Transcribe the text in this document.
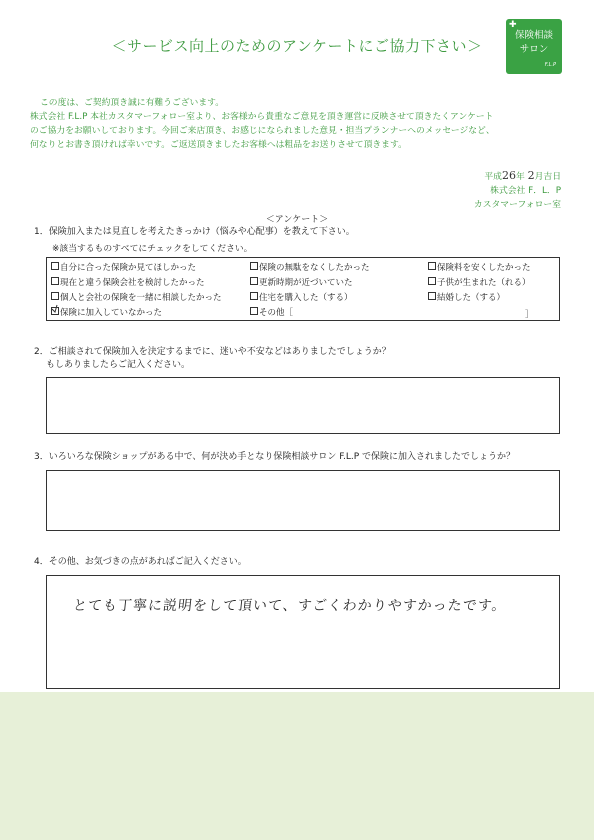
＜サービス向上のためのアンケートにご協力下さい＞
✚
保険相談
サロン
F.L.P
この度は、ご契約頂き誠に有難うございます。
株式会社 F.L.P 本社カスタマーフォロー室より、お客様から貴重なご意見を頂き運営に反映させて頂きたくアンケート
のご協力をお願いしております。今回ご来店頂き、お感じになられました意見・担当プランナーへのメッセージなど、
何なりとお書き頂ければ幸いです。ご返送頂きましたお客様へは粗品をお送りさせて頂きます。
平成26年 2月吉日
株式会社 F．L．P
カスタマーフォロー室
＜アンケート＞
1．保険加入または見直しを考えたきっかけ（悩みや心配事）を教えて下さい。
※該当するものすべてにチェックをしてください。
自分に合った保険か見てほしかった	保険の無駄をなくしたかった	保険料を安くしたかった
現在と違う保険会社を検討したかった	更新時期が近づいていた	子供が生まれた（れる）
個人と会社の保険を一緒に相談したかった	住宅を購入した（する）	結婚した（する）
保険に加入していなかった	その他［	］
2．ご相談されて保険加入を決定するまでに、迷いや不安などはありましたでしょうか？
もしありましたらご記入ください。
3．いろいろな保険ショップがある中で、何が決め手となり保険相談サロン F.L.P で保険に加入されましたでしょうか？
4．その他、お気づきの点があればご記入ください。
とても丁寧に説明をして頂いて、すごくわかりやすかったです。
